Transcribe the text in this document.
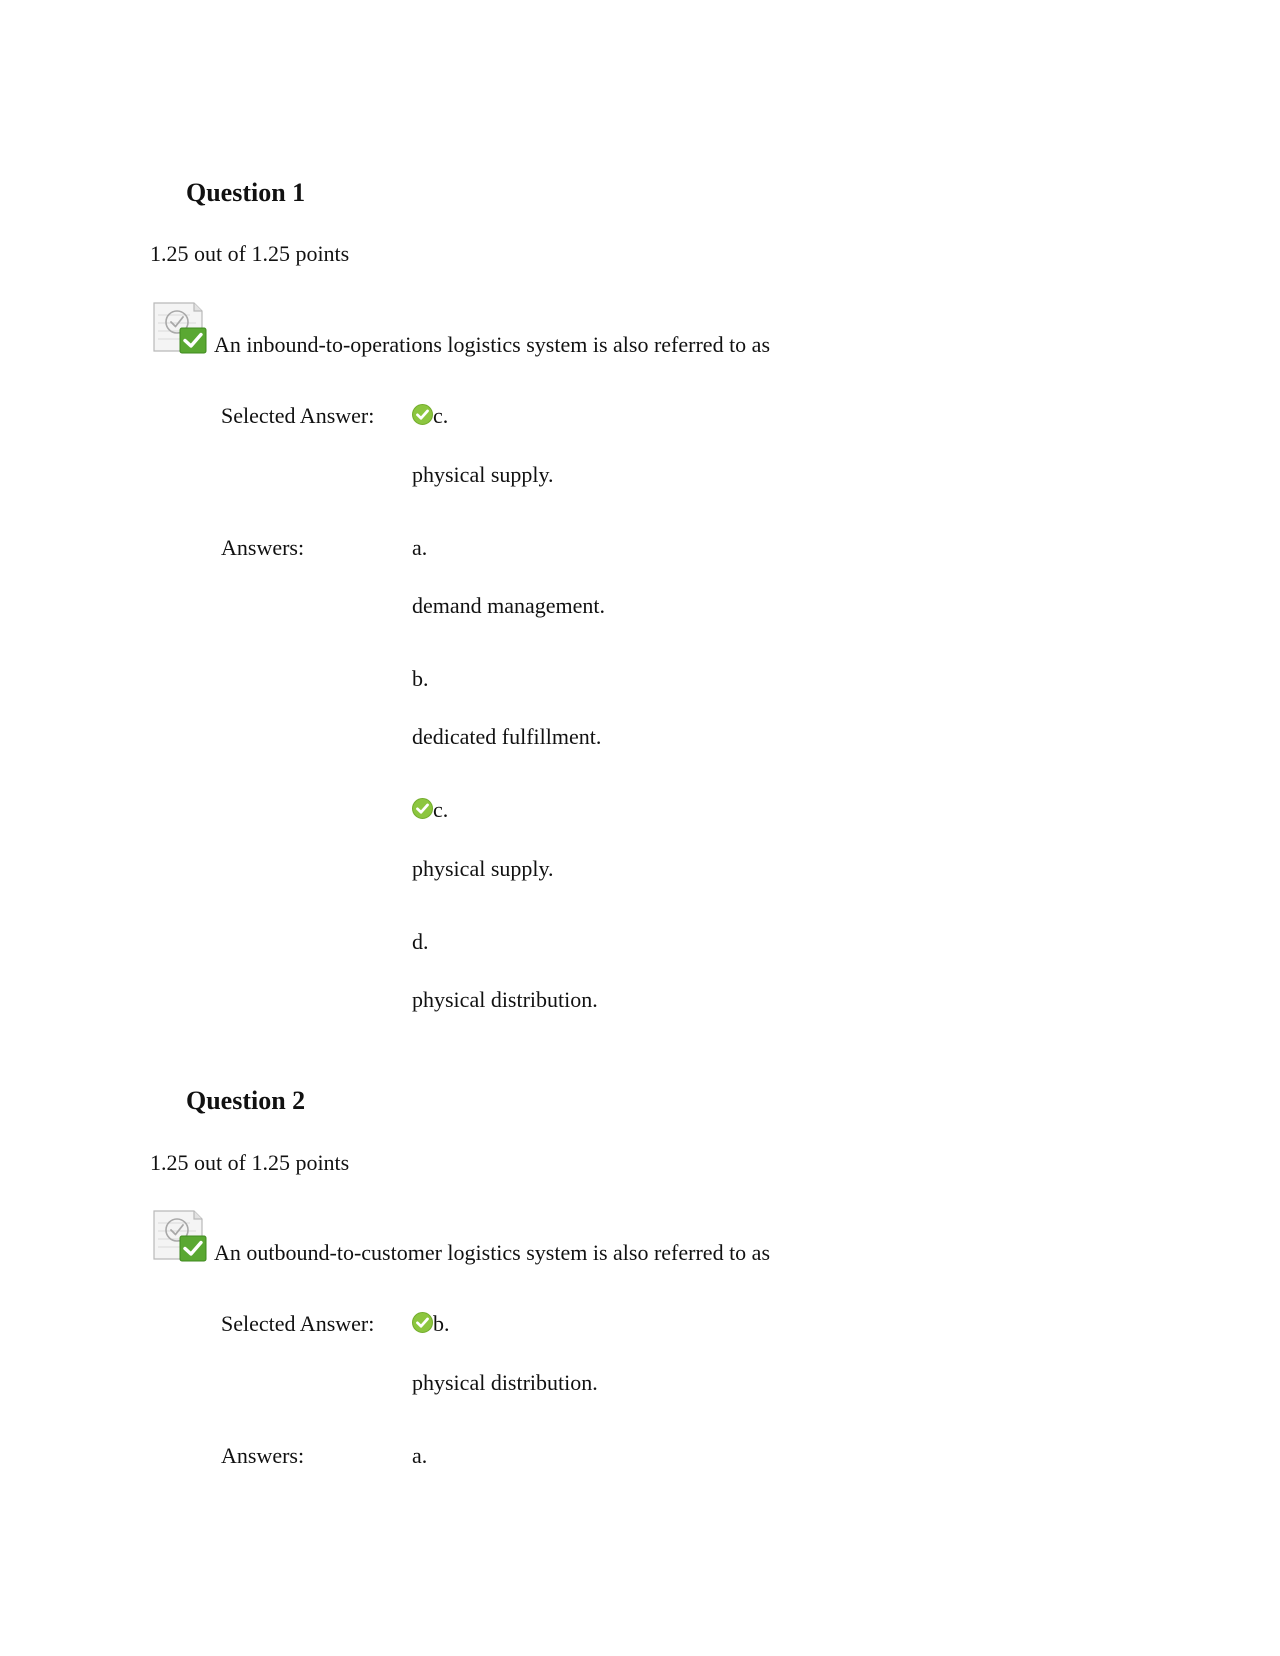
Question 1
1.25 out of 1.25 points
An inbound-to-operations logistics system is also referred to as
Selected Answer:	c.
physical supply.
Answers:	a.
demand management.
b.
dedicated fulfillment.
c.
physical supply.
d.
physical distribution.
Question 2
1.25 out of 1.25 points
An outbound-to-customer logistics system is also referred to as
Selected Answer:	b.
physical distribution.
Answers:	a.
